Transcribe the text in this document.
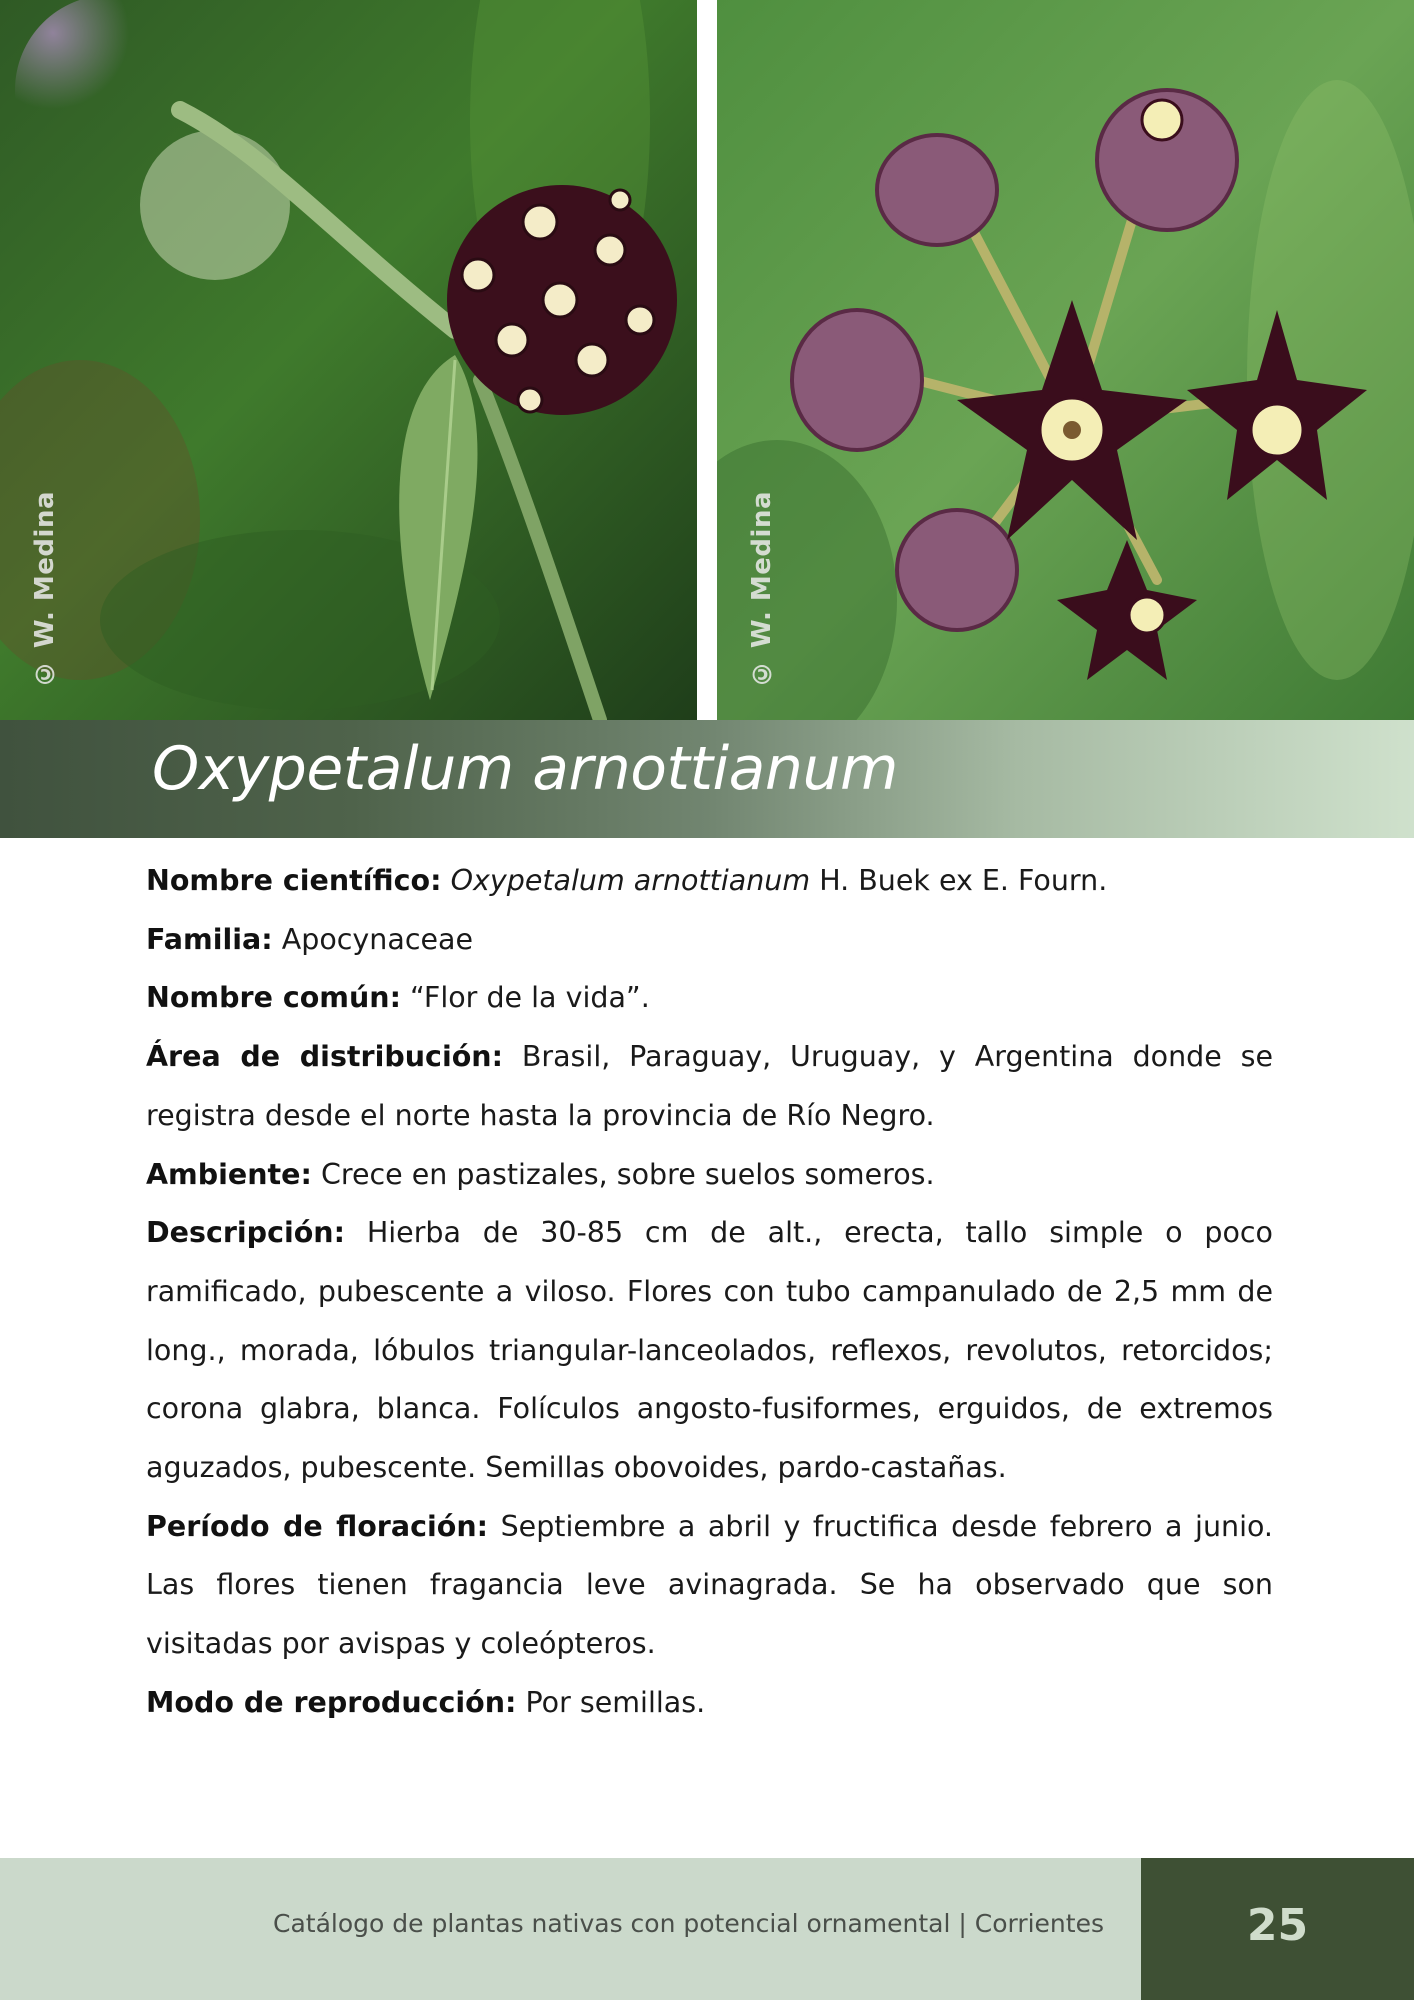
© W. Medina	© W. Medina
Oxypetalum arnottianum

Nombre científico: Oxypetalum arnottianum H. Buek ex E. Fourn.

Familia: Apocynaceae

Nombre común: “Flor de la vida”.

Área de distribución: Brasil, Paraguay, Uruguay, y Argentina donde se registra desde el norte hasta la provincia de Río Negro.

Ambiente: Crece en pastizales, sobre suelos someros.

Descripción: Hierba de 30-85 cm de alt., erecta, tallo simple o poco ramificado, pubescente a viloso. Flores con tubo campanulado de 2,5 mm de long., morada, lóbulos triangular-lanceolados, reflexos, revolutos, retorcidos; corona glabra, blanca. Folículos angosto-fusiformes, erguidos, de extremos aguzados, pubescente. Semillas obovoides, pardo-castañas.

Período de floración: Septiembre a abril y fructifica desde febrero a junio. Las flores tienen fragancia leve avinagrada. Se ha observado que son visitadas por avispas y coleópteros.

Modo de reproducción: Por semillas.

Catálogo de plantas nativas con potencial ornamental | Corrientes	25
